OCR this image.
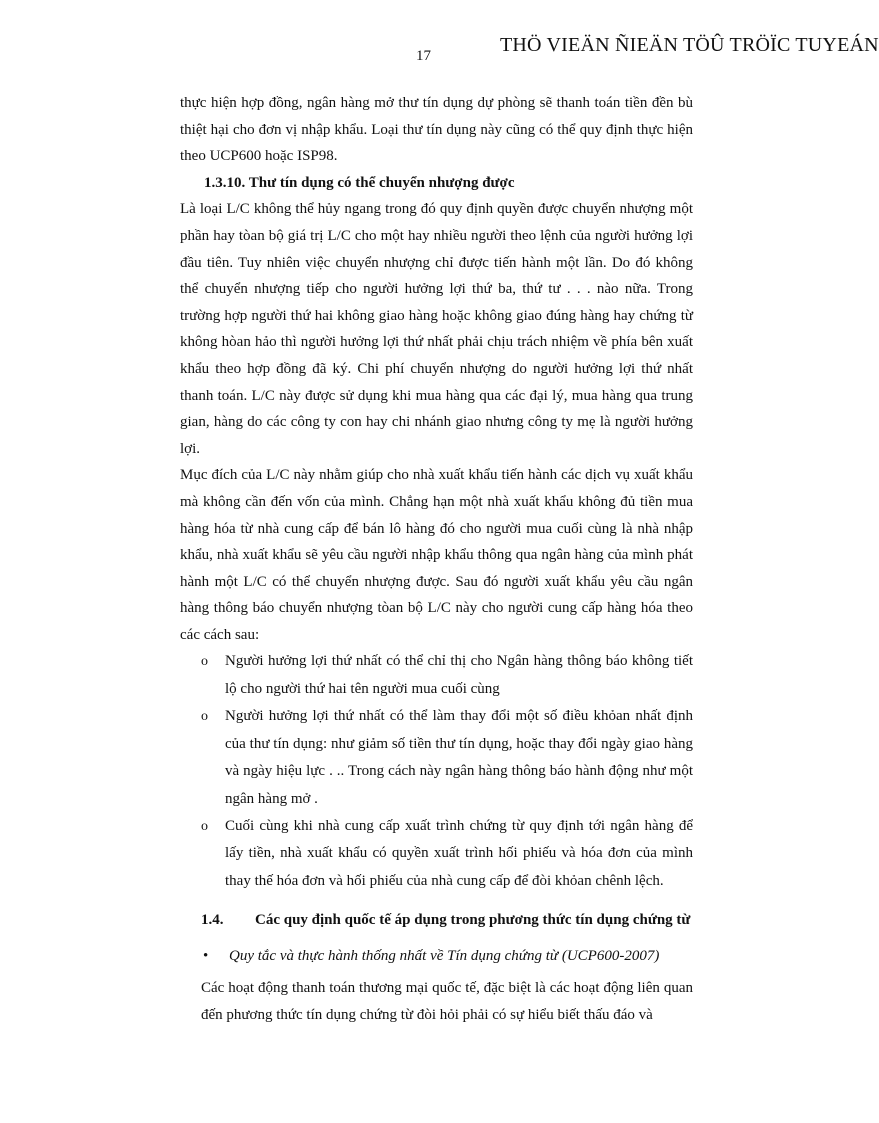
THÖ VIEÄN ÑIEÄN TÖÛ TRÖÏC TUYEÁN
17

thực hiện hợp đồng, ngân hàng mở thư tín dụng dự phòng sẽ thanh toán tiền đền bù thiệt hại cho đơn vị nhập khẩu. Loại thư tín dụng này cũng có thể quy định thực hiện theo UCP600 hoặc ISP98.

1.3.10. Thư tín dụng có thể chuyển nhượng được

Là loại L/C không thể hủy ngang trong đó quy định quyền được chuyển nhượng một phần hay tòan bộ giá trị L/C cho một hay nhiều người theo lệnh của người hưởng lợi đầu tiên. Tuy nhiên việc chuyển nhượng chỉ được tiến hành một lần. Do đó không thể chuyển nhượng tiếp cho người hưởng lợi thứ ba, thứ tư . . . nào nữa. Trong trường hợp người thứ hai không giao hàng hoặc không giao đúng hàng hay chứng từ không hòan hảo thì người hưởng lợi thứ nhất phải chịu trách nhiệm về phía bên xuất khẩu theo hợp đồng đã ký. Chi phí chuyển nhượng do người hưởng lợi thứ nhất thanh toán. L/C này được sử dụng khi mua hàng qua các đại lý, mua hàng qua trung gian, hàng do các công ty con hay chi nhánh giao nhưng công ty mẹ là người hưởng lợi.

Mục đích của L/C này nhằm giúp cho nhà xuất khẩu tiến hành các dịch vụ xuất khẩu mà không cần đến vốn của mình. Chẳng hạn một nhà xuất khẩu không đủ tiền mua hàng hóa từ nhà cung cấp để bán lô hàng đó cho người mua cuối cùng là nhà nhập khẩu, nhà xuất khẩu sẽ yêu cầu người nhập khẩu thông qua ngân hàng của mình phát hành một L/C có thể chuyển nhượng được. Sau đó người xuất khẩu yêu cầu ngân hàng thông báo chuyển nhượng tòan bộ L/C này cho người cung cấp hàng hóa theo các cách sau:

o Người hưởng lợi thứ nhất có thể chỉ thị cho Ngân hàng thông báo không tiết lộ cho người thứ hai tên người mua cuối cùng
o Người hưởng lợi thứ nhất có thể làm thay đổi một số điều khỏan nhất định của thư tín dụng: như giảm số tiền thư tín dụng, hoặc thay đổi ngày giao hàng và ngày hiệu lực . .. Trong cách này ngân hàng thông báo hành động như một ngân hàng mở .
o Cuối cùng khi nhà cung cấp xuất trình chứng từ quy định tới ngân hàng để lấy tiền, nhà xuất khẩu có quyền xuất trình hối phiếu và hóa đơn của mình thay thế hóa đơn và hối phiếu của nhà cung cấp để đòi khỏan chênh lệch.
1.4.	Các quy định quốc tế áp dụng trong phương thức tín dụng chứng từ
•	Quy tắc và thực hành thống nhất về Tín dụng chứng từ (UCP600-2007)

Các hoạt động thanh toán thương mại quốc tế, đặc biệt là các hoạt động liên quan đến phương thức tín dụng chứng từ đòi hỏi phải có sự hiểu biết thấu đáo và
